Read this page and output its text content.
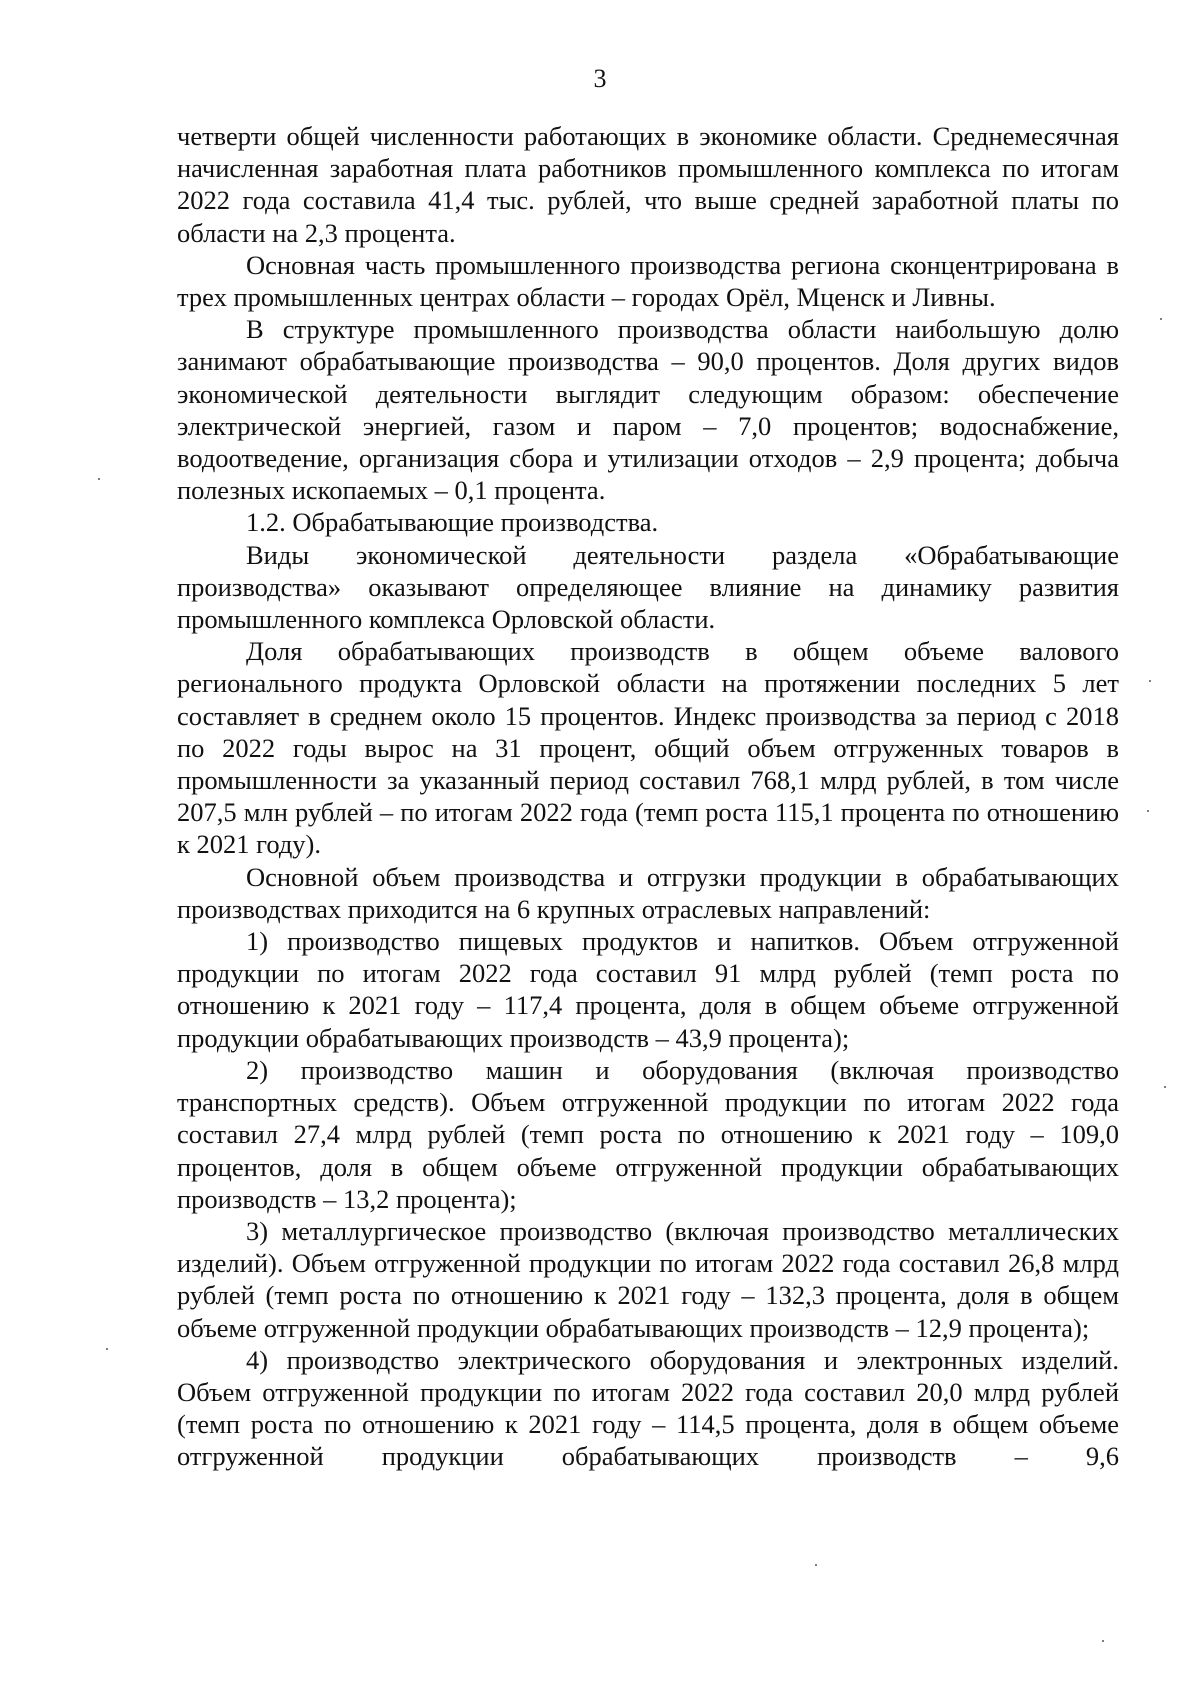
3

четверти общей численности работающих в экономике области. Среднемесячная начисленная заработная плата работников промышленного комплекса по итогам 2022 года составила 41,4 тыс. рублей, что выше средней заработной платы по области на 2,3 процента.

Основная часть промышленного производства региона сконцентрирована в трех промышленных центрах области – городах Орёл, Мценск и Ливны.

В структуре промышленного производства области наибольшую долю занимают обрабатывающие производства – 90,0 процентов. Доля других видов экономической деятельности выглядит следующим образом: обеспечение электрической энергией, газом и паром – 7,0 процентов; водоснабжение, водоотведение, организация сбора и утилизации отходов – 2,9 процента; добыча полезных ископаемых – 0,1 процента.

1.2. Обрабатывающие производства.

Виды экономической деятельности раздела «Обрабатывающие производства» оказывают определяющее влияние на динамику развития промышленного комплекса Орловской области.

Доля обрабатывающих производств в общем объеме валового регионального продукта Орловской области на протяжении последних 5 лет составляет в среднем около 15 процентов. Индекс производства за период с 2018 по 2022 годы вырос на 31 процент, общий объем отгруженных товаров в промышленности за указанный период составил 768,1 млрд рублей, в том числе 207,5 млн рублей – по итогам 2022 года (темп роста 115,1 процента по отношению к 2021 году).

Основной объем производства и отгрузки продукции в обрабатывающих производствах приходится на 6 крупных отраслевых направлений:

1) производство пищевых продуктов и напитков. Объем отгруженной продукции по итогам 2022 года составил 91 млрд рублей (темп роста по отношению к 2021 году – 117,4 процента, доля в общем объеме отгруженной продукции обрабатывающих производств – 43,9 процента);

2) производство машин и оборудования (включая производство транспортных средств). Объем отгруженной продукции по итогам 2022 года составил 27,4 млрд рублей (темп роста по отношению к 2021 году – 109,0 процентов, доля в общем объеме отгруженной продукции обрабатывающих производств – 13,2 процента);

3) металлургическое производство (включая производство металлических изделий). Объем отгруженной продукции по итогам 2022 года составил 26,8 млрд рублей (темп роста по отношению к 2021 году – 132,3 процента, доля в общем объеме отгруженной продукции обрабатывающих производств – 12,9 процента);

4) производство электрического оборудования и электронных изделий. Объем отгруженной продукции по итогам 2022 года составил 20,0 млрд рублей (темп роста по отношению к 2021 году – 114,5 процента, доля в общем объеме отгруженной продукции обрабатывающих производств – 9,6
